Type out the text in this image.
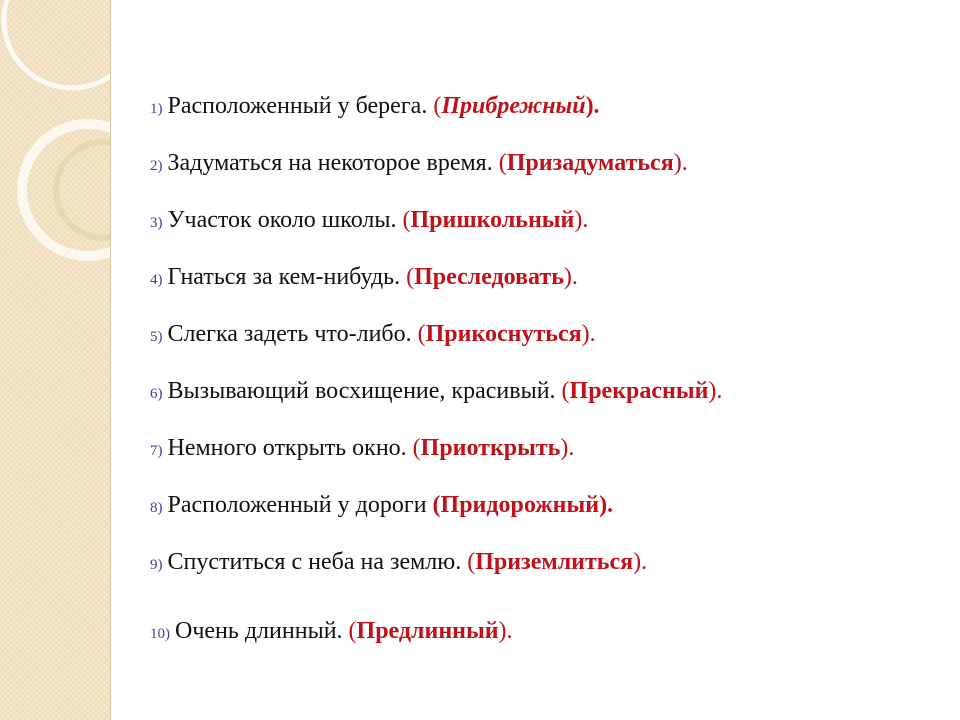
1) Расположенный у берега. (Прибрежный).
2) Задуматься на некоторое время. (Призадуматься).
3) Участок около школы. (Пришкольный).
4) Гнаться за кем-нибудь. (Преследовать).
5) Слегка задеть что-либо. (Прикоснуться).
6) Вызывающий восхищение, красивый. (Прекрасный).
7) Немного открыть окно. (Приоткрыть).
8) Расположенный у дороги (Придорожный).
9) Спуститься с неба на землю. (Приземлиться).
10) Очень длинный. (Предлинный).
